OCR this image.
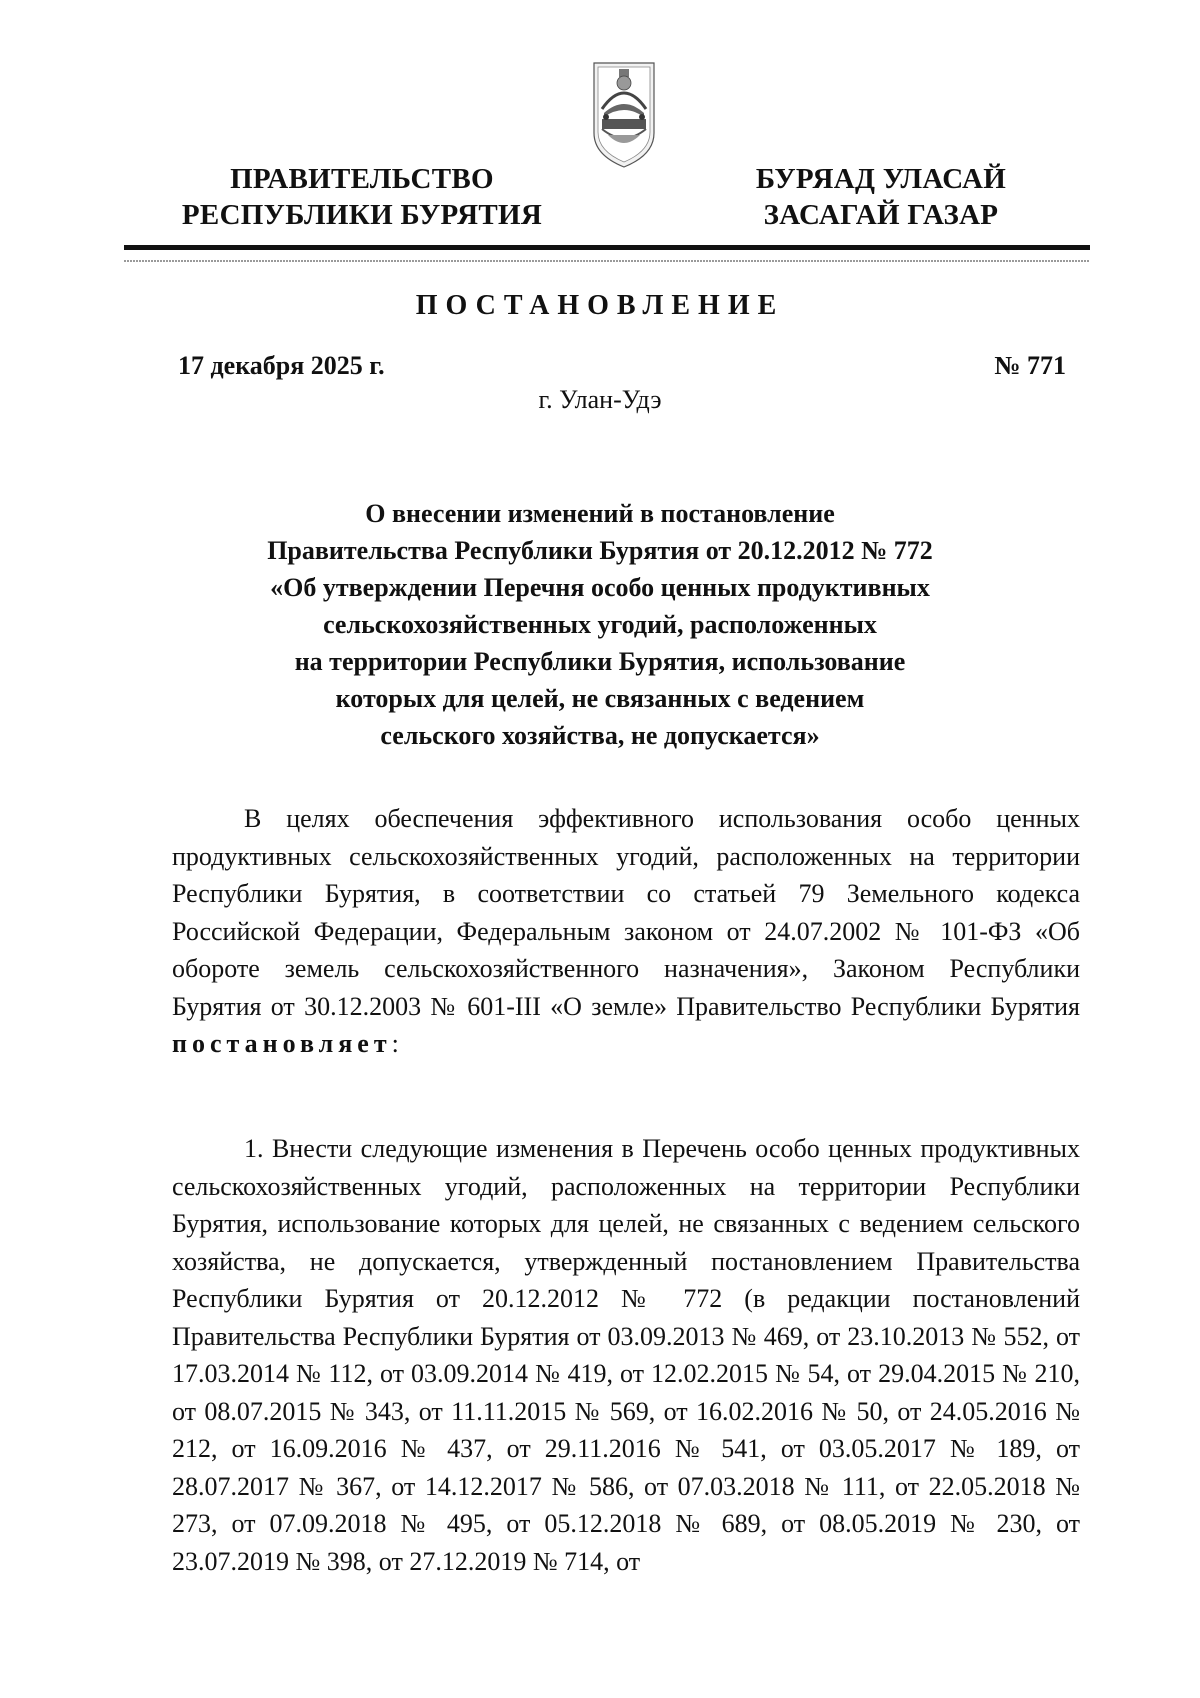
ПРАВИТЕЛЬСТВО
РЕСПУБЛИКИ БУРЯТИЯ
БУРЯАД УЛАСАЙ
ЗАСАГАЙ ГАЗАР
ПОСТАНОВЛЕНИЕ
17 декабря 2025 г.	№ 771
г. Улан-Удэ
О внесении изменений в постановление
Правительства Республики Бурятия от 20.12.2012 № 772
«Об утверждении Перечня особо ценных продуктивных
сельскохозяйственных угодий, расположенных
на территории Республики Бурятия, использование
которых для целей, не связанных с ведением
сельского хозяйства, не допускается»
В целях обеспечения эффективного использования особо ценных продуктивных сельскохозяйственных угодий, расположенных на территории Республики Бурятия, в соответствии со статьей 79 Земельного кодекса Российской Федерации, Федеральным законом от 24.07.2002 № 101-ФЗ «Об обороте земель сельскохозяйственного назначения», Законом Республики Бурятия от 30.12.2003 № 601-III «О земле» Правительство Республики Бурятия постановляет:
1. Внести следующие изменения в Перечень особо ценных продуктивных сельскохозяйственных угодий, расположенных на территории Республики Бурятия, использование которых для целей, не связанных с ведением сельского хозяйства, не допускается, утвержденный постановлением Правительства Республики Бурятия от 20.12.2012 № 772 (в редакции постановлений Правительства Республики Бурятия от 03.09.2013 № 469, от 23.10.2013 № 552, от 17.03.2014 № 112, от 03.09.2014 № 419, от 12.02.2015 № 54, от 29.04.2015 № 210, от 08.07.2015 № 343, от 11.11.2015 № 569, от 16.02.2016 № 50, от 24.05.2016 № 212, от 16.09.2016 № 437, от 29.11.2016 № 541, от 03.05.2017 № 189, от 28.07.2017 № 367, от 14.12.2017 № 586, от 07.03.2018 № 111, от 22.05.2018 № 273, от 07.09.2018 № 495, от 05.12.2018 № 689, от 08.05.2019 № 230, от 23.07.2019 № 398, от 27.12.2019 № 714, от
